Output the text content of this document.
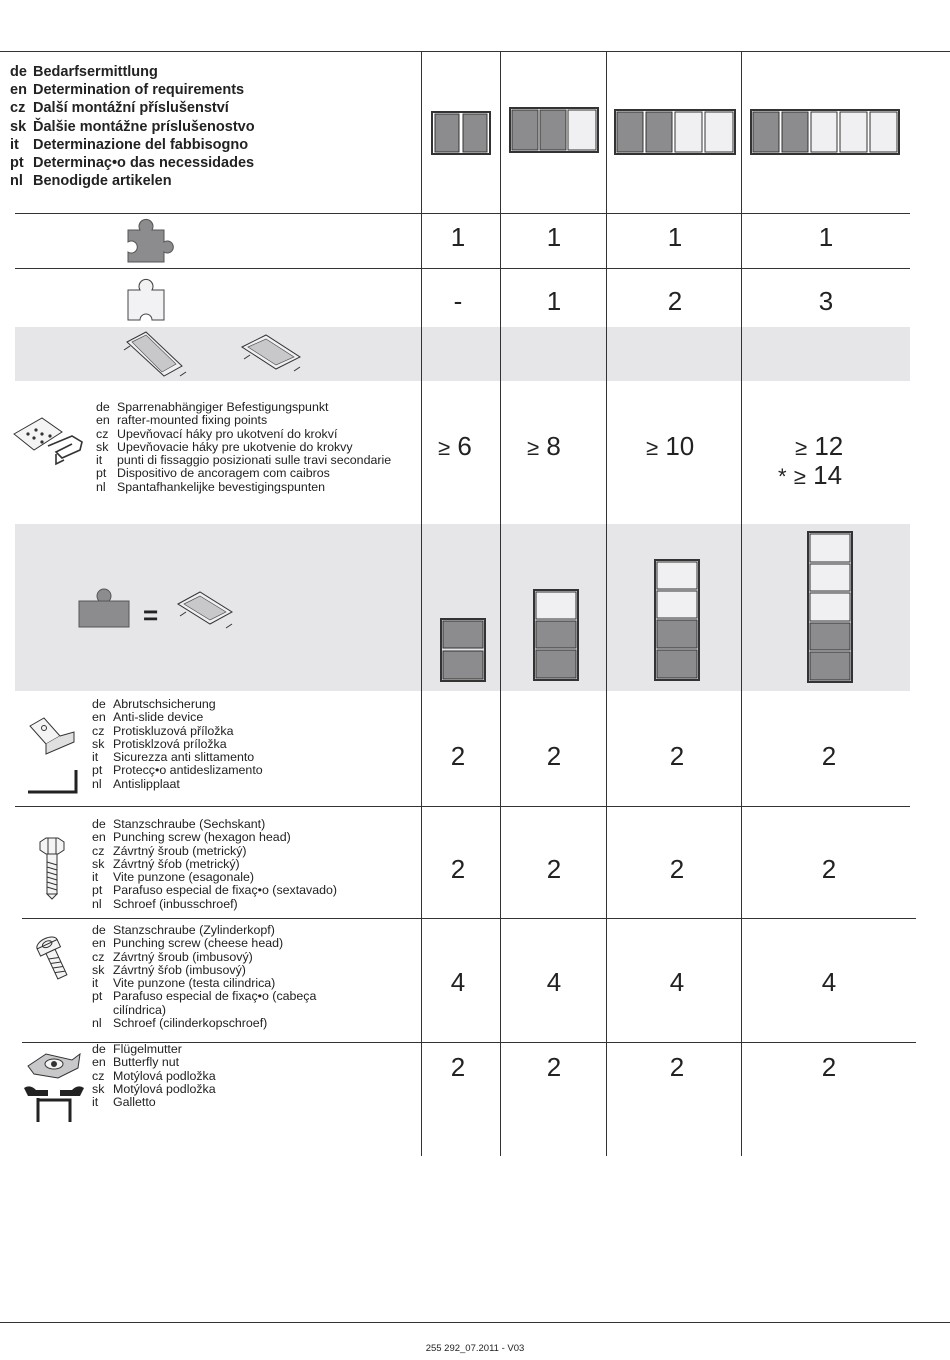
de Bedarfsermittlung
en Determination of requirements
cz Další montážní příslušenství
sk Ďalšie montážne príslušenostvo
it Determinazione del fabbisogno
pt Determinaç•o das necessidades
nl Benodigde artikelen
1	1	1	1
-	1	2	3
de Sparrenabhängiger Befestigungspunkt
en rafter-mounted fixing points
cz Upevňovací háky pro ukotvení do krokví
sk Upevňovacie háky pre ukotvenie do krokvy
it	punti di fissaggio posizionati sulle travi secondarie
pt Dispositivo de ancoragem com caibros
nl Spantafhankelijke bevestigingspunten
≥ 6	≥ 8	≥ 10	≥ 12
* ≥ 14
=
de Abrutschsicherung
en Anti-slide device
cz Protiskluzová příložka
sk Protisklzová príložka
it	Sicurezza anti slittamento
pt Protecç•o antideslizamento
nl Antislipplaat
2	2	2	2
de Stanzschraube (Sechskant)
en Punching screw (hexagon head)
cz Závrtný šroub (metrický)
sk Závrtný šŕob (metrický)
it	Vite punzone (esagonale)
pt Parafuso especial de fixaç•o (sextavado)
nl Schroef (inbusschroef)
2	2	2	2
de Stanzschraube (Zylinderkopf)
en Punching screw (cheese head)
cz Závrtný šroub (imbusový)
sk Závrtný šŕob (imbusový)
it	Vite punzone (testa cilindrica)
pt Parafuso especial de fixaç•o (cabeça
cilíndrica)
nl Schroef (cilinderkopschroef)
4	4	4	4
de Flügelmutter
en Butterfly nut
cz Motýlová podložka
sk Motýlová podložka
it	Galletto
2	2	2	2
255 292_07.2011 - V03
